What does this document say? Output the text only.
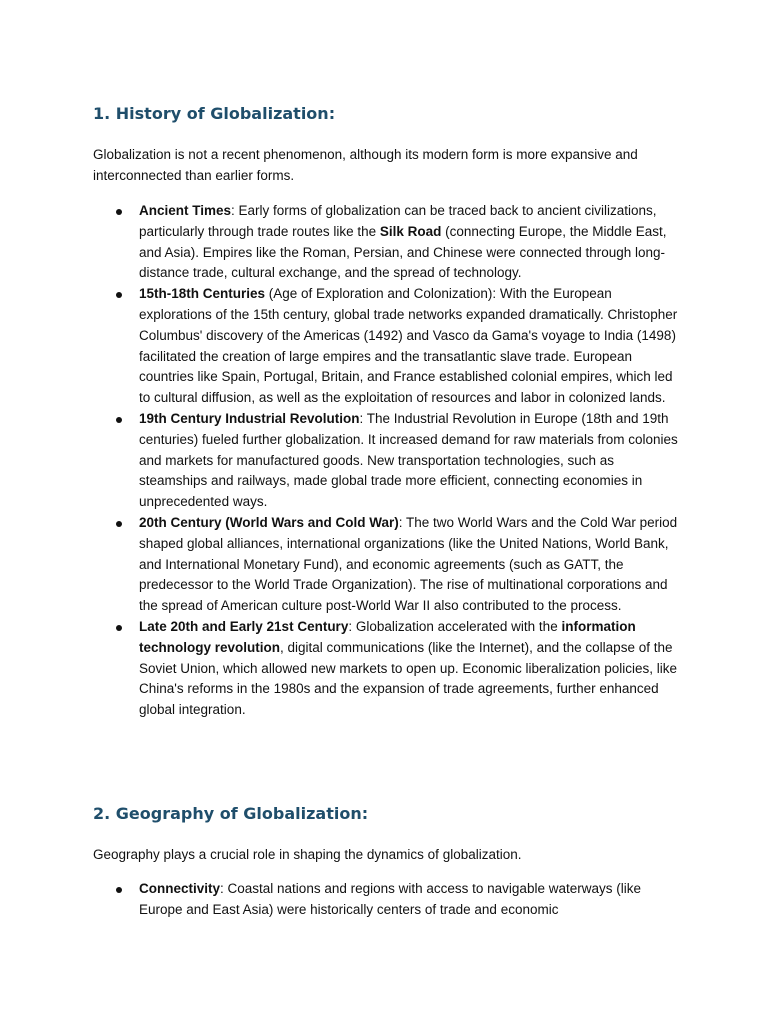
1. History of Globalization:

Globalization is not a recent phenomenon, although its modern form is more expansive and interconnected than earlier forms.

Ancient Times: Early forms of globalization can be traced back to ancient civilizations, particularly through trade routes like the Silk Road (connecting Europe, the Middle East, and Asia). Empires like the Roman, Persian, and Chinese were connected through long-distance trade, cultural exchange, and the spread of technology.
15th-18th Centuries (Age of Exploration and Colonization): With the European explorations of the 15th century, global trade networks expanded dramatically. Christopher Columbus' discovery of the Americas (1492) and Vasco da Gama's voyage to India (1498) facilitated the creation of large empires and the transatlantic slave trade. European countries like Spain, Portugal, Britain, and France established colonial empires, which led to cultural diffusion, as well as the exploitation of resources and labor in colonized lands.
19th Century Industrial Revolution: The Industrial Revolution in Europe (18th and 19th centuries) fueled further globalization. It increased demand for raw materials from colonies and markets for manufactured goods. New transportation technologies, such as steamships and railways, made global trade more efficient, connecting economies in unprecedented ways.
20th Century (World Wars and Cold War): The two World Wars and the Cold War period shaped global alliances, international organizations (like the United Nations, World Bank, and International Monetary Fund), and economic agreements (such as GATT, the predecessor to the World Trade Organization). The rise of multinational corporations and the spread of American culture post-World War II also contributed to the process.
Late 20th and Early 21st Century: Globalization accelerated with the information technology revolution, digital communications (like the Internet), and the collapse of the Soviet Union, which allowed new markets to open up. Economic liberalization policies, like China's reforms in the 1980s and the expansion of trade agreements, further enhanced global integration.
2. Geography of Globalization:

Geography plays a crucial role in shaping the dynamics of globalization.

Connectivity: Coastal nations and regions with access to navigable waterways (like Europe and East Asia) were historically centers of trade and economic
